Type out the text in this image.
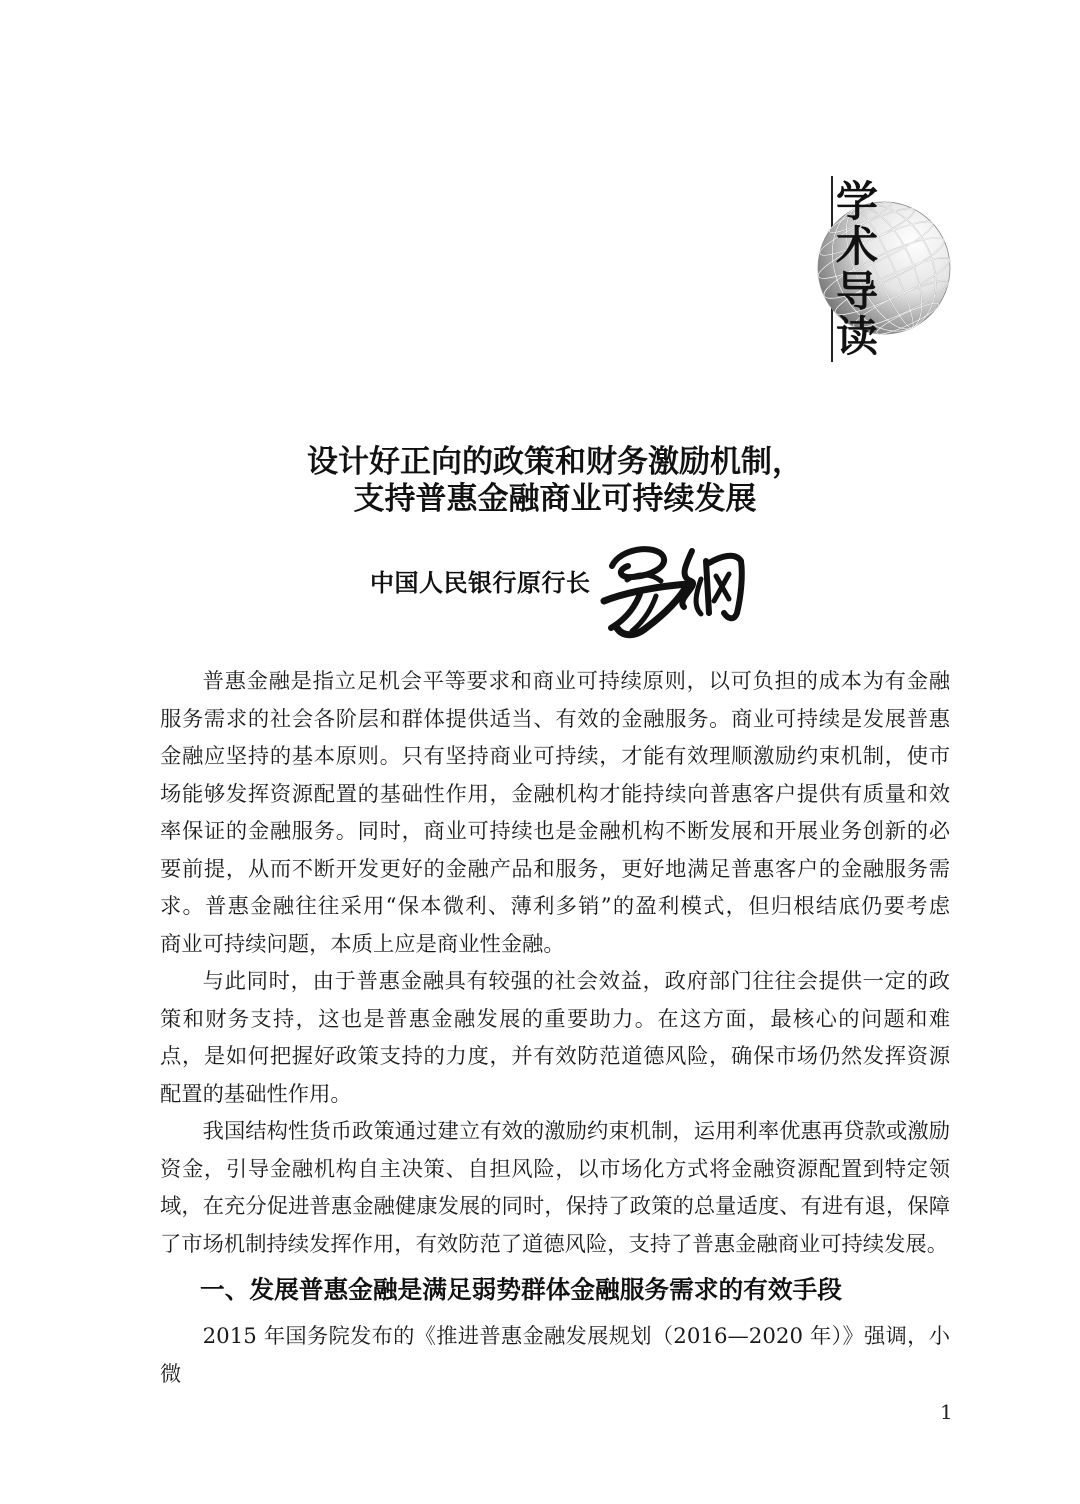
学术导读
设计好正向的政策和财务激励机制，
支持普惠金融商业可持续发展
中国人民银行原行长
普惠金融是指立足机会平等要求和商业可持续原则，以可负担的成本为有金融
服务需求的社会各阶层和群体提供适当、有效的金融服务。商业可持续是发展普惠
金融应坚持的基本原则。只有坚持商业可持续，才能有效理顺激励约束机制，使市
场能够发挥资源配置的基础性作用，金融机构才能持续向普惠客户提供有质量和效
率保证的金融服务。同时，商业可持续也是金融机构不断发展和开展业务创新的必
要前提，从而不断开发更好的金融产品和服务，更好地满足普惠客户的金融服务需
求。普惠金融往往采用“保本微利、薄利多销”的盈利模式，但归根结底仍要考虑
商业可持续问题，本质上应是商业性金融。
与此同时，由于普惠金融具有较强的社会效益，政府部门往往会提供一定的政
策和财务支持，这也是普惠金融发展的重要助力。在这方面，最核心的问题和难
点，是如何把握好政策支持的力度，并有效防范道德风险，确保市场仍然发挥资源
配置的基础性作用。
我国结构性货币政策通过建立有效的激励约束机制，运用利率优惠再贷款或激励
资金，引导金融机构自主决策、自担风险，以市场化方式将金融资源配置到特定领
域，在充分促进普惠金融健康发展的同时，保持了政策的总量适度、有进有退，保障
了市场机制持续发挥作用，有效防范了道德风险，支持了普惠金融商业可持续发展。
一、发展普惠金融是满足弱势群体金融服务需求的有效手段
2015 年国务院发布的《推进普惠金融发展规划（2016—2020 年）》强调，小微
1
